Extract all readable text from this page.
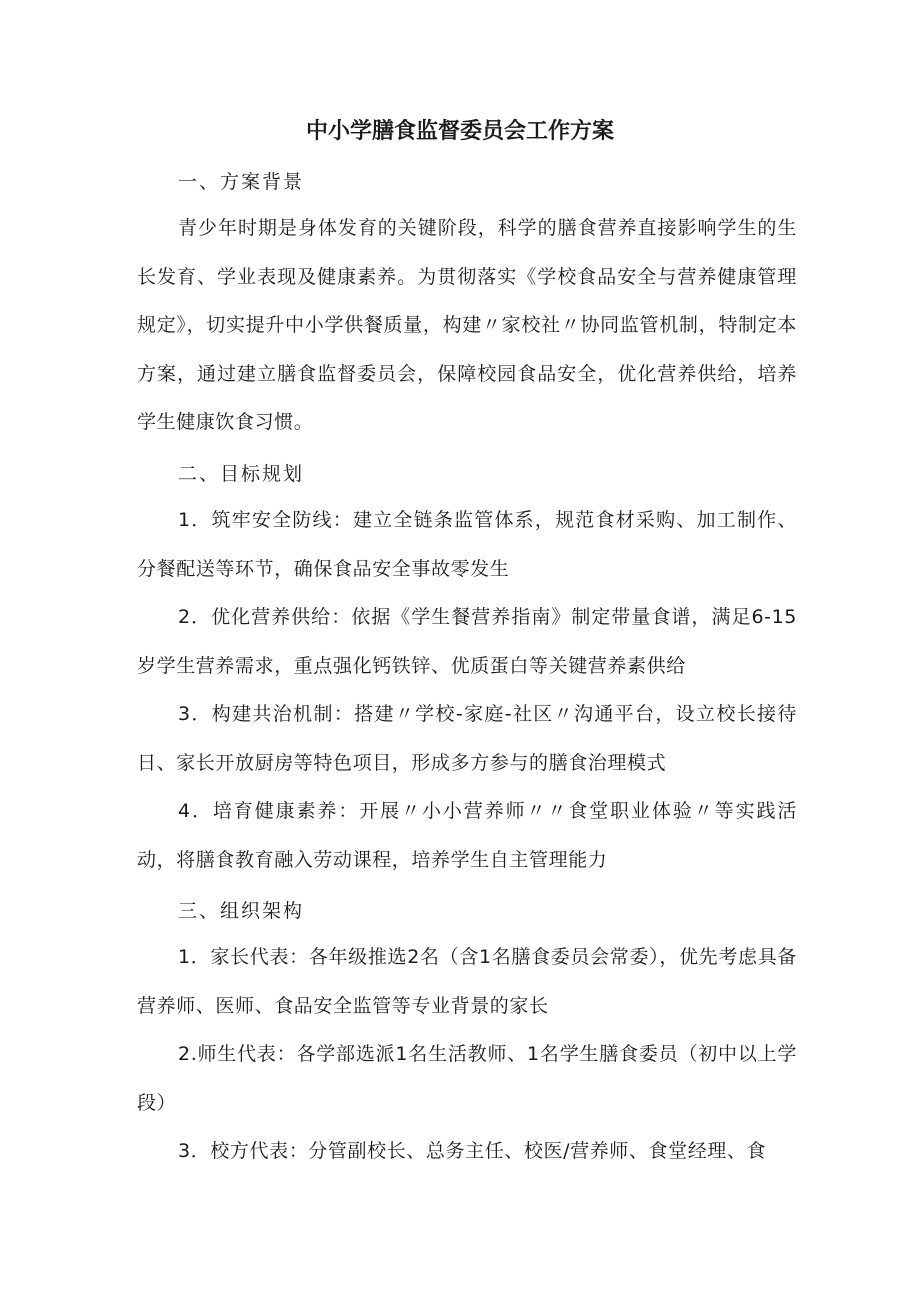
中小学膳食监督委员会工作方案
一、方案背景

青少年时期是身体发育的关键阶段，科学的膳食营养直接影响学生的生长发育、学业表现及健康素养。为贯彻落实《学校食品安全与营养健康管理规定》，切实提升中小学供餐质量，构建〃家校社〃协同监管机制，特制定本方案，通过建立膳食监督委员会，保障校园食品安全，优化营养供给，培养学生健康饮食习惯。

二、目标规划

1．筑牢安全防线：建立全链条监管体系，规范食材采购、加工制作、分餐配送等环节，确保食品安全事故零发生

2．优化营养供给：依据《学生餐营养指南》制定带量食谱，满足6-15岁学生营养需求，重点强化钙铁锌、优质蛋白等关键营养素供给

3．构建共治机制：搭建〃学校-家庭-社区〃沟通平台，设立校长接待日、家长开放厨房等特色项目，形成多方参与的膳食治理模式

4．培育健康素养：开展〃小小营养师〃〃食堂职业体验〃等实践活动，将膳食教育融入劳动课程，培养学生自主管理能力

三、组织架构

1．家长代表：各年级推选2名（含1名膳食委员会常委），优先考虑具备营养师、医师、食品安全监管等专业背景的家长

2.师生代表：各学部选派1名生活教师、1名学生膳食委员（初中以上学段）

3．校方代表：分管副校长、总务主任、校医/营养师、食堂经理、食
